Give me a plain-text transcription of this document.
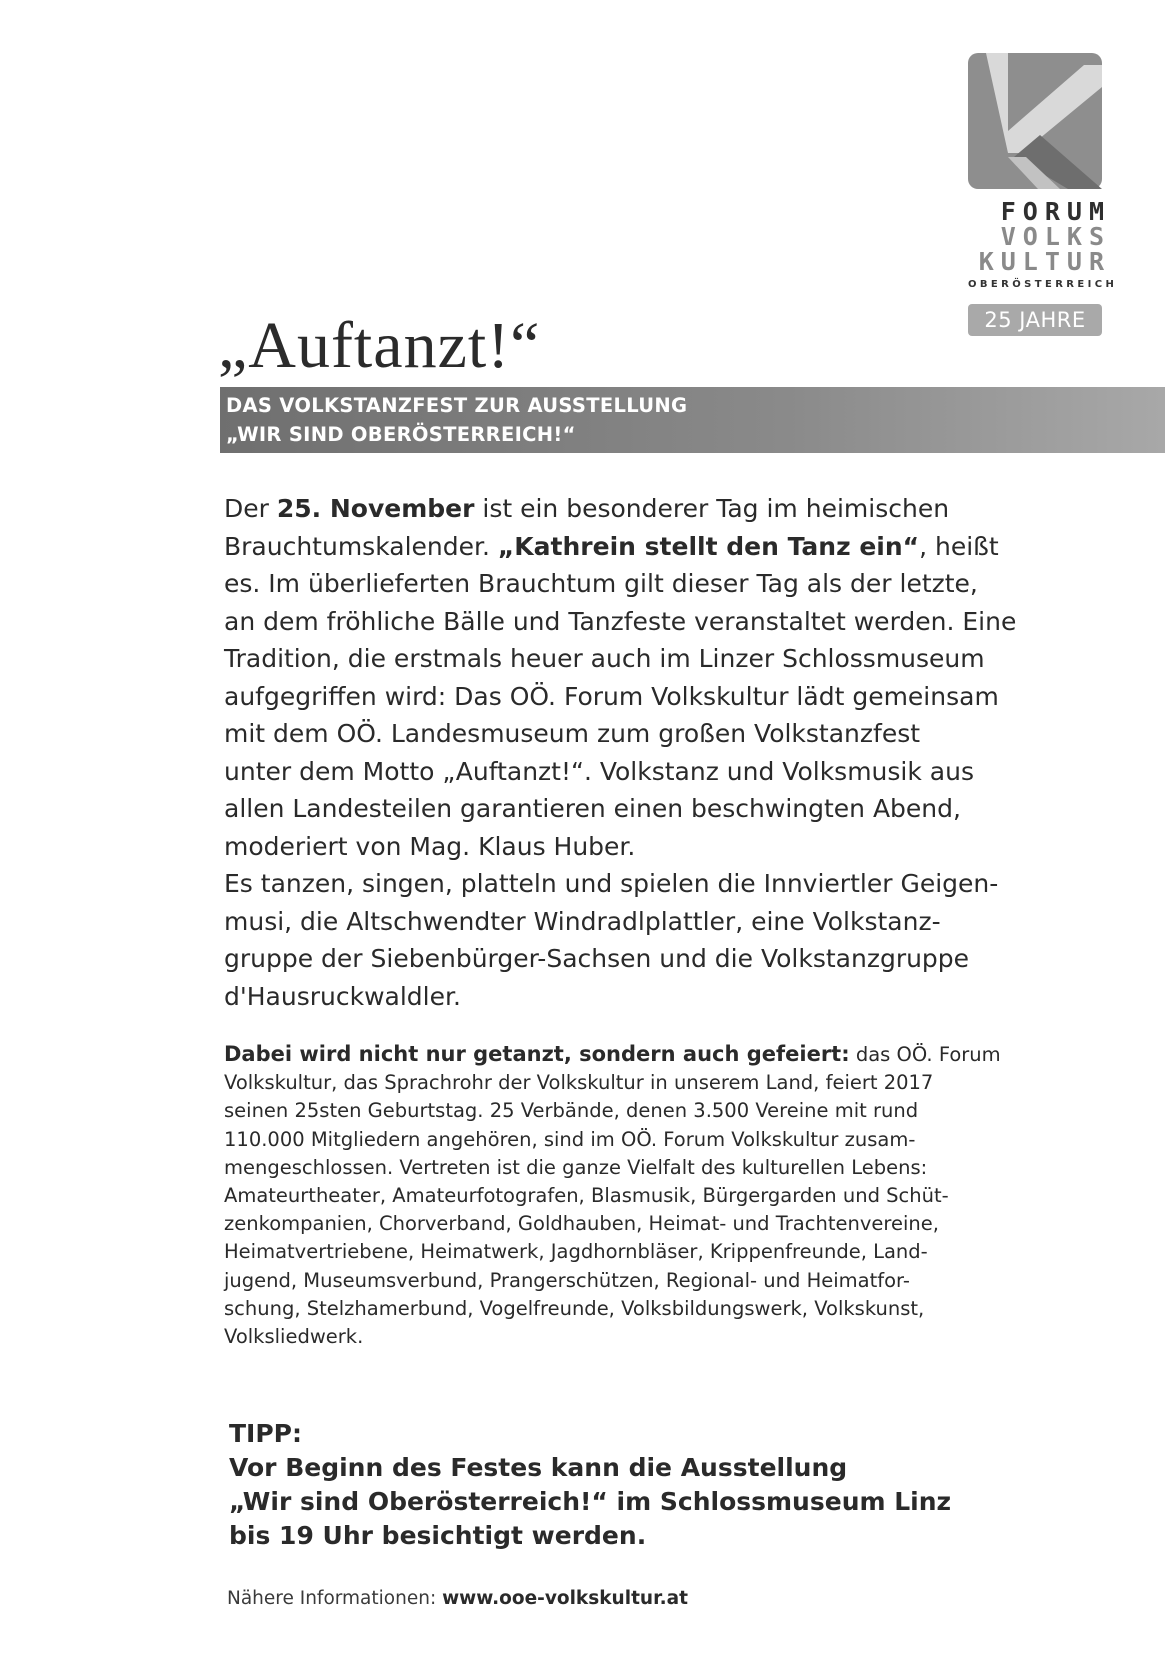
FORUM
VOLKS
KULTUR
OBERÖSTERREICH
25 JAHRE
„Auftanzt!“
DAS VOLKSTANZFEST ZUR AUSSTELLUNG
„WIR SIND OBERÖSTERREICH!“
Der 25. November ist ein besonderer Tag im heimischen
Brauchtumskalender. „Kathrein stellt den Tanz ein“, heißt
es. Im überlieferten Brauchtum gilt dieser Tag als der letzte,
an dem fröhliche Bälle und Tanzfeste veranstaltet werden. Eine
Tradition, die erstmals heuer auch im Linzer Schlossmuseum
aufgegriffen wird: Das OÖ. Forum Volkskultur lädt gemeinsam
mit dem OÖ. Landesmuseum zum großen Volkstanzfest
unter dem Motto „Auftanzt!“. Volkstanz und Volksmusik aus
allen Landesteilen garantieren einen beschwingten Abend,
moderiert von Mag. Klaus Huber.
Es tanzen, singen, platteln und spielen die Innviertler Geigen-
musi, die Altschwendter Windradlplattler, eine Volkstanz-
gruppe der Siebenbürger-Sachsen und die Volkstanzgruppe
d'Hausruckwaldler.
Dabei wird nicht nur getanzt, sondern auch gefeiert: das OÖ. Forum
Volkskultur, das Sprachrohr der Volkskultur in unserem Land, feiert 2017
seinen 25sten Geburtstag. 25 Verbände, denen 3.500 Vereine mit rund
110.000 Mitgliedern angehören, sind im OÖ. Forum Volkskultur zusam-
mengeschlossen. Vertreten ist die ganze Vielfalt des kulturellen Lebens:
Amateurtheater, Amateurfotografen, Blasmusik, Bürgergarden und Schüt-
zenkompanien, Chorverband, Goldhauben, Heimat- und Trachtenvereine,
Heimatvertriebene, Heimatwerk, Jagdhornbläser, Krippenfreunde, Land-
jugend, Museumsverbund, Prangerschützen, Regional- und Heimatfor-
schung, Stelzhamerbund, Vogelfreunde, Volksbildungswerk, Volkskunst,
Volksliedwerk.
TIPP:
Vor Beginn des Festes kann die Ausstellung
„Wir sind Oberösterreich!“ im Schlossmuseum Linz
bis 19 Uhr besichtigt werden.
Nähere Informationen: www.ooe-volkskultur.at
